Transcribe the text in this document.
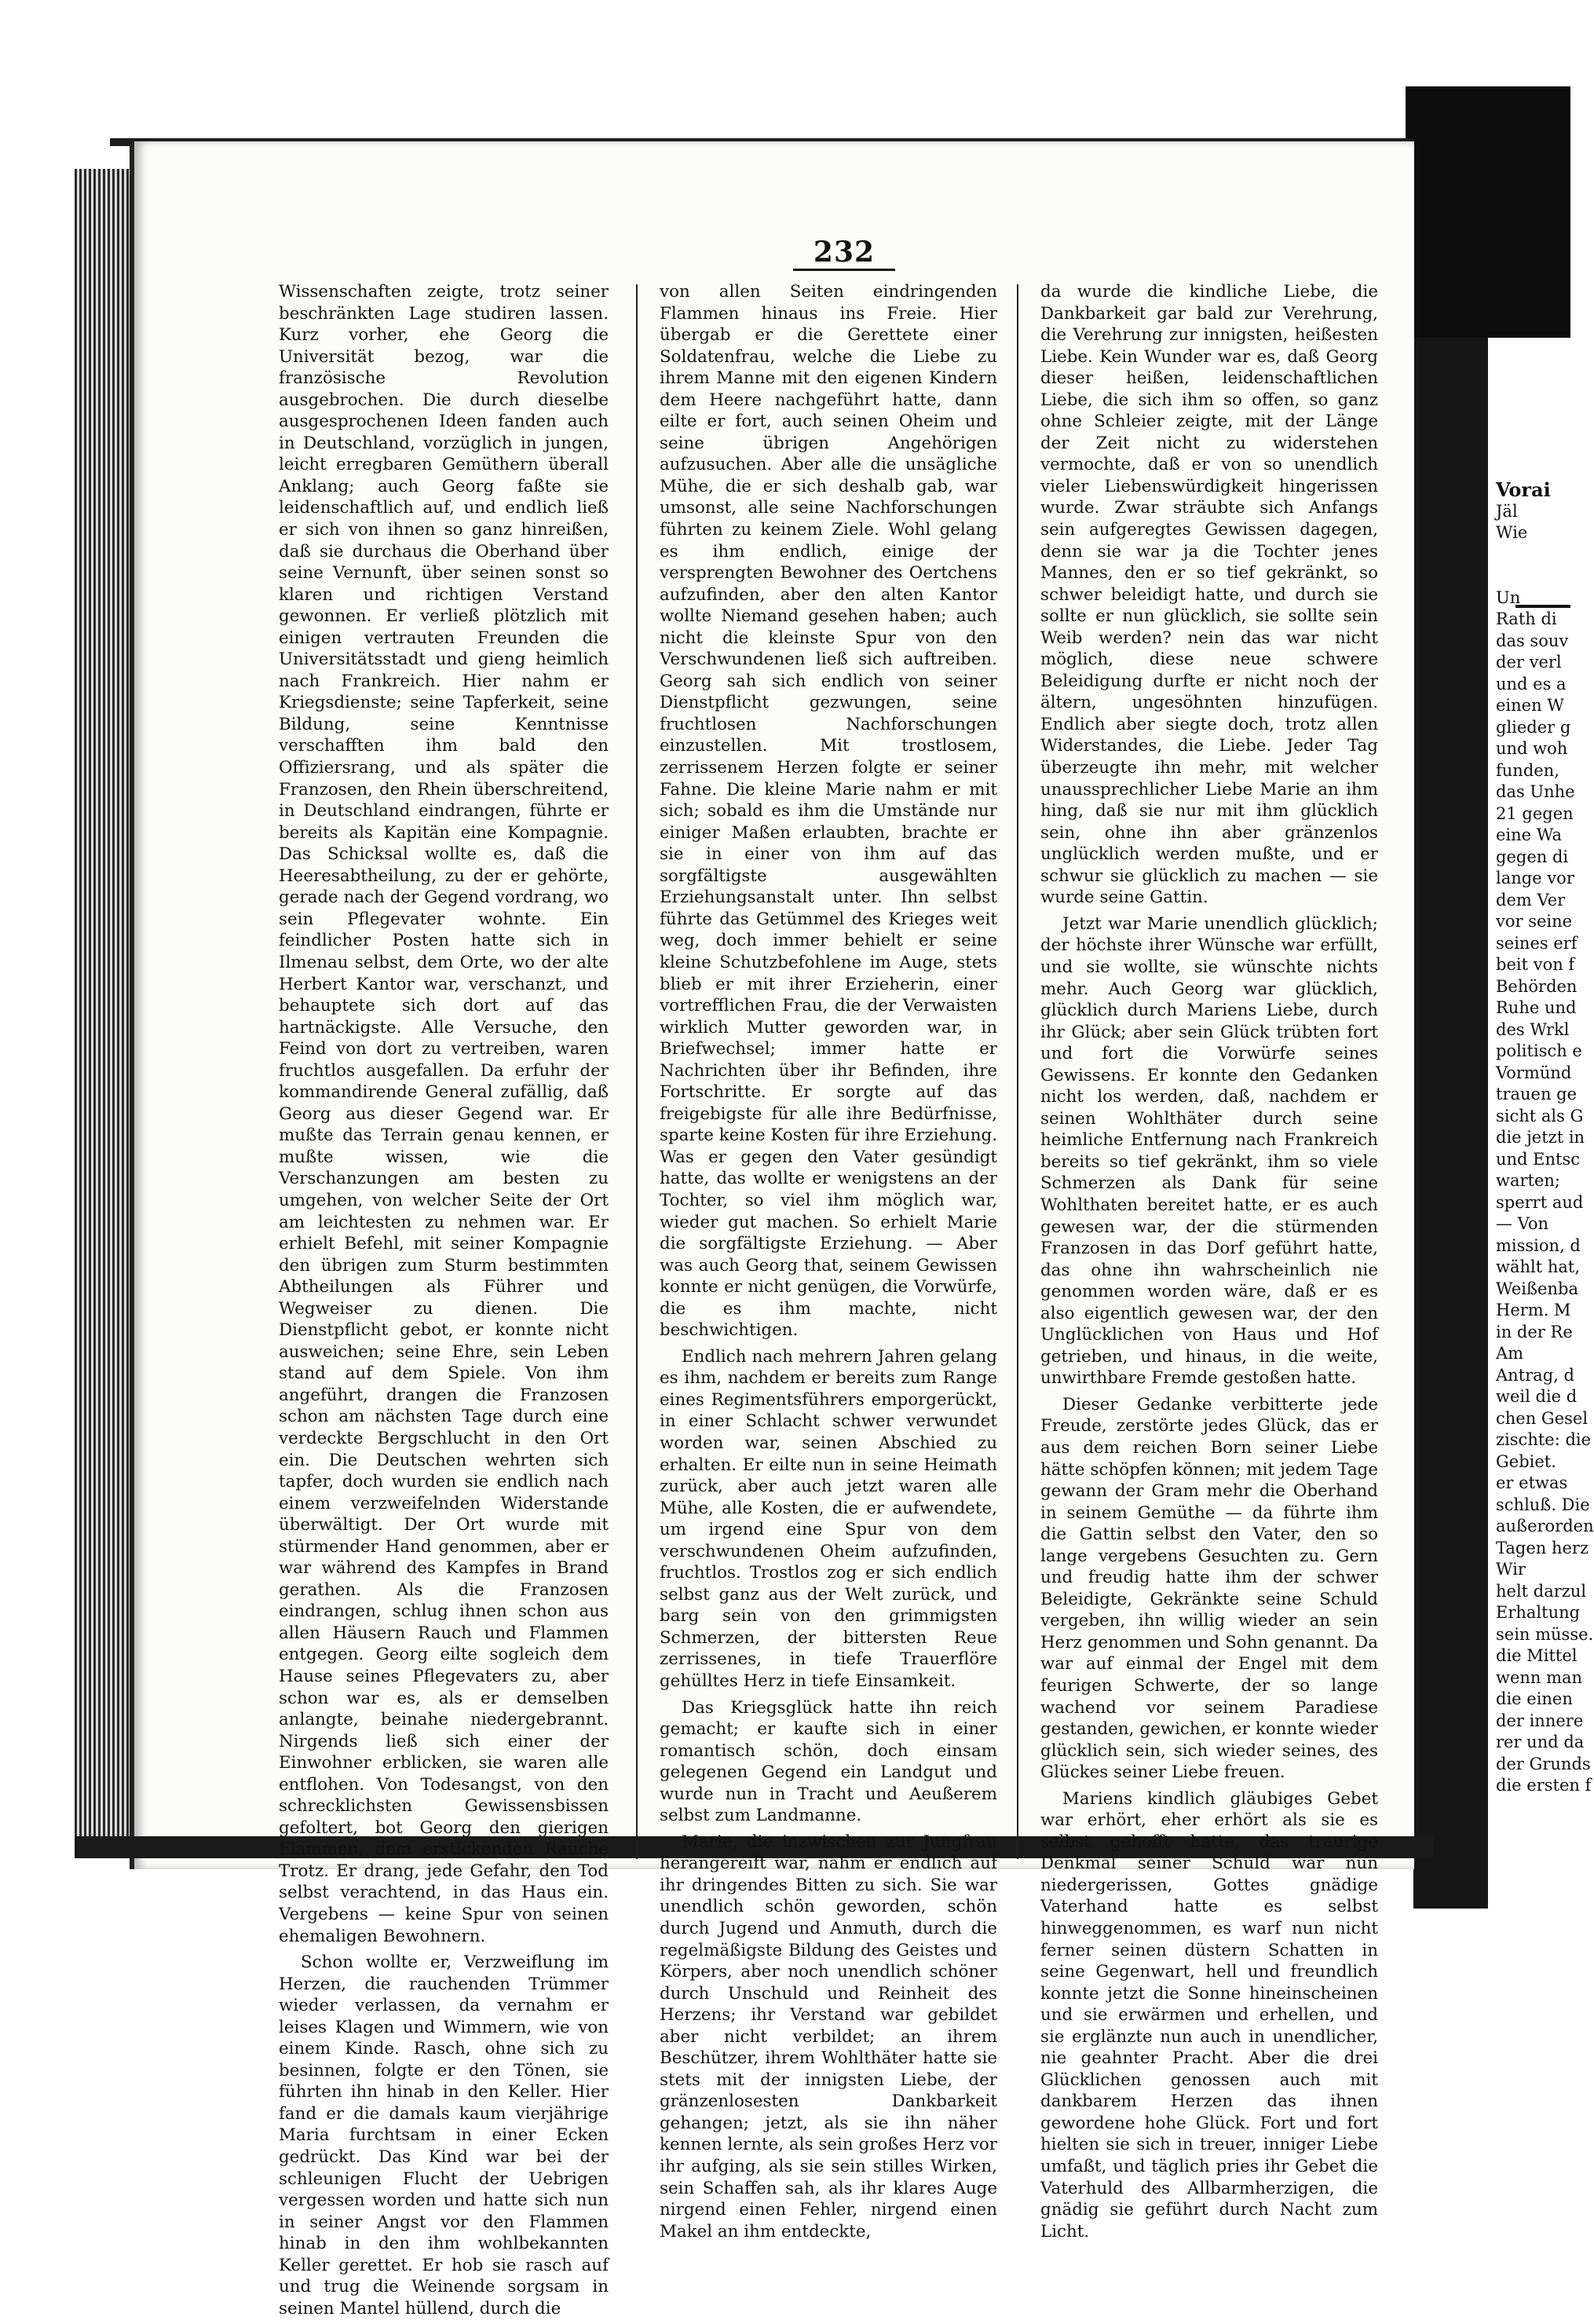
232

Wissenschaften zeigte, trotz seiner beschränkten Lage studiren lassen. Kurz vorher, ehe Georg die Universität bezog, war die französische Revolution ausgebrochen. Die durch dieselbe ausgesprochenen Ideen fanden auch in Deutschland, vorzüglich in jungen, leicht erregbaren Gemüthern überall Anklang; auch Georg faßte sie leidenschaftlich auf, und endlich ließ er sich von ihnen so ganz hinreißen, daß sie durchaus die Oberhand über seine Vernunft, über seinen sonst so klaren und richtigen Verstand gewonnen. Er verließ plötzlich mit einigen vertrauten Freunden die Universitätsstadt und gieng heimlich nach Frankreich. Hier nahm er Kriegsdienste; seine Tapferkeit, seine Bildung, seine Kenntnisse verschafften ihm bald den Offiziersrang, und als später die Franzosen, den Rhein überschreitend, in Deutschland eindrangen, führte er bereits als Kapitän eine Kompagnie. Das Schicksal wollte es, daß die Heeresabtheilung, zu der er gehörte, gerade nach der Gegend vordrang, wo sein Pflegevater wohnte. Ein feindlicher Posten hatte sich in Ilmenau selbst, dem Orte, wo der alte Herbert Kantor war, verschanzt, und behauptete sich dort auf das hartnäckigste. Alle Versuche, den Feind von dort zu vertreiben, waren fruchtlos ausgefallen. Da erfuhr der kommandirende General zufällig, daß Georg aus dieser Gegend war. Er mußte das Terrain genau kennen, er mußte wissen, wie die Verschanzungen am besten zu umgehen, von welcher Seite der Ort am leichtesten zu nehmen war. Er erhielt Befehl, mit seiner Kompagnie den übrigen zum Sturm bestimmten Abtheilungen als Führer und Wegweiser zu dienen. Die Dienstpflicht gebot, er konnte nicht ausweichen; seine Ehre, sein Leben stand auf dem Spiele. Von ihm angeführt, drangen die Franzosen schon am nächsten Tage durch eine verdeckte Bergschlucht in den Ort ein. Die Deutschen wehrten sich tapfer, doch wurden sie endlich nach einem verzweifelnden Widerstande überwältigt. Der Ort wurde mit stürmender Hand genommen, aber er war während des Kampfes in Brand gerathen. Als die Franzosen eindrangen, schlug ihnen schon aus allen Häusern Rauch und Flammen entgegen. Georg eilte sogleich dem Hause seines Pflegevaters zu, aber schon war es, als er demselben anlangte, beinahe niedergebrannt. Nirgends ließ sich einer der Einwohner erblicken, sie waren alle entflohen. Von Todesangst, von den schrecklichsten Gewissensbissen gefoltert, bot Georg den gierigen Flammen, dem erstickenden Rauche Trotz. Er drang, jede Gefahr, den Tod selbst verachtend, in das Haus ein. Vergebens — keine Spur von seinen ehemaligen Bewohnern.

Schon wollte er, Verzweiflung im Herzen, die rauchenden Trümmer wieder verlassen, da vernahm er leises Klagen und Wimmern, wie von einem Kinde. Rasch, ohne sich zu besinnen, folgte er den Tönen, sie führten ihn hinab in den Keller. Hier fand er die damals kaum vierjährige Maria furchtsam in einer Ecken gedrückt. Das Kind war bei der schleunigen Flucht der Uebrigen vergessen worden und hatte sich nun in seiner Angst vor den Flammen hinab in den ihm wohlbekannten Keller gerettet. Er hob sie rasch auf und trug die Weinende sorgsam in seinen Mantel hüllend, durch die

von allen Seiten eindringenden Flammen hinaus ins Freie. Hier übergab er die Gerettete einer Soldatenfrau, welche die Liebe zu ihrem Manne mit den eigenen Kindern dem Heere nachgeführt hatte, dann eilte er fort, auch seinen Oheim und seine übrigen Angehörigen aufzusuchen. Aber alle die unsägliche Mühe, die er sich deshalb gab, war umsonst, alle seine Nachforschungen führten zu keinem Ziele. Wohl gelang es ihm endlich, einige der versprengten Bewohner des Oertchens aufzufinden, aber den alten Kantor wollte Niemand gesehen haben; auch nicht die kleinste Spur von den Verschwundenen ließ sich auftreiben. Georg sah sich endlich von seiner Dienstpflicht gezwungen, seine fruchtlosen Nachforschungen einzustellen. Mit trostlosem, zerrissenem Herzen folgte er seiner Fahne. Die kleine Marie nahm er mit sich; sobald es ihm die Umstände nur einiger Maßen erlaubten, brachte er sie in einer von ihm auf das sorgfältigste ausgewählten Erziehungsanstalt unter. Ihn selbst führte das Getümmel des Krieges weit weg, doch immer behielt er seine kleine Schutzbefohlene im Auge, stets blieb er mit ihrer Erzieherin, einer vortrefflichen Frau, die der Verwaisten wirklich Mutter geworden war, in Briefwechsel; immer hatte er Nachrichten über ihr Befinden, ihre Fortschritte. Er sorgte auf das freigebigste für alle ihre Bedürfnisse, sparte keine Kosten für ihre Erziehung. Was er gegen den Vater gesündigt hatte, das wollte er wenigstens an der Tochter, so viel ihm möglich war, wieder gut machen. So erhielt Marie die sorgfältigste Erziehung. — Aber was auch Georg that, seinem Gewissen konnte er nicht genügen, die Vorwürfe, die es ihm machte, nicht beschwichtigen.

Endlich nach mehrern Jahren gelang es ihm, nachdem er bereits zum Range eines Regimentsführers emporgerückt, in einer Schlacht schwer verwundet worden war, seinen Abschied zu erhalten. Er eilte nun in seine Heimath zurück, aber auch jetzt waren alle Mühe, alle Kosten, die er aufwendete, um irgend eine Spur von dem verschwundenen Oheim aufzufinden, fruchtlos. Trostlos zog er sich endlich selbst ganz aus der Welt zurück, und barg sein von den grimmigsten Schmerzen, der bittersten Reue zerrissenes, in tiefe Trauerflöre gehülltes Herz in tiefe Einsamkeit.

Das Kriegsglück hatte ihn reich gemacht; er kaufte sich in einer romantisch schön, doch einsam gelegenen Gegend ein Landgut und wurde nun in Tracht und Aeußerem selbst zum Landmanne.

Marie, die inzwischen zur Jungfrau herangereift war, nahm er endlich auf ihr dringendes Bitten zu sich. Sie war unendlich schön geworden, schön durch Jugend und Anmuth, durch die regelmäßigste Bildung des Geistes und Körpers, aber noch unendlich schöner durch Unschuld und Reinheit des Herzens; ihr Verstand war gebildet aber nicht verbildet; an ihrem Beschützer, ihrem Wohlthäter hatte sie stets mit der innigsten Liebe, der gränzenlosesten Dankbarkeit gehangen; jetzt, als sie ihn näher kennen lernte, als sein großes Herz vor ihr aufging, als sie sein stilles Wirken, sein Schaffen sah, als ihr klares Auge nirgend einen Fehler, nirgend einen Makel an ihm entdeckte,

da wurde die kindliche Liebe, die Dankbarkeit gar bald zur Verehrung, die Verehrung zur innigsten, heißesten Liebe. Kein Wunder war es, daß Georg dieser heißen, leidenschaftlichen Liebe, die sich ihm so offen, so ganz ohne Schleier zeigte, mit der Länge der Zeit nicht zu widerstehen vermochte, daß er von so unendlich vieler Liebenswürdigkeit hingerissen wurde. Zwar sträubte sich Anfangs sein aufgeregtes Gewissen dagegen, denn sie war ja die Tochter jenes Mannes, den er so tief gekränkt, so schwer beleidigt hatte, und durch sie sollte er nun glücklich, sie sollte sein Weib werden? nein das war nicht möglich, diese neue schwere Beleidigung durfte er nicht noch der ältern, ungesöhnten hinzufügen. Endlich aber siegte doch, trotz allen Widerstandes, die Liebe. Jeder Tag überzeugte ihn mehr, mit welcher unaussprechlicher Liebe Marie an ihm hing, daß sie nur mit ihm glücklich sein, ohne ihn aber gränzenlos unglücklich werden mußte, und er schwur sie glücklich zu machen — sie wurde seine Gattin.

Jetzt war Marie unendlich glücklich; der höchste ihrer Wünsche war erfüllt, und sie wollte, sie wünschte nichts mehr. Auch Georg war glücklich, glücklich durch Mariens Liebe, durch ihr Glück; aber sein Glück trübten fort und fort die Vorwürfe seines Gewissens. Er konnte den Gedanken nicht los werden, daß, nachdem er seinen Wohlthäter durch seine heimliche Entfernung nach Frankreich bereits so tief gekränkt, ihm so viele Schmerzen als Dank für seine Wohlthaten bereitet hatte, er es auch gewesen war, der die stürmenden Franzosen in das Dorf geführt hatte, das ohne ihn wahrscheinlich nie genommen worden wäre, daß er es also eigentlich gewesen war, der den Unglücklichen von Haus und Hof getrieben, und hinaus, in die weite, unwirthbare Fremde gestoßen hatte.

Dieser Gedanke verbitterte jede Freude, zerstörte jedes Glück, das er aus dem reichen Born seiner Liebe hätte schöpfen können; mit jedem Tage gewann der Gram mehr die Oberhand in seinem Gemüthe — da führte ihm die Gattin selbst den Vater, den so lange vergebens Gesuchten zu. Gern und freudig hatte ihm der schwer Beleidigte, Gekränkte seine Schuld vergeben, ihn willig wieder an sein Herz genommen und Sohn genannt. Da war auf einmal der Engel mit dem feurigen Schwerte, der so lange wachend vor seinem Paradiese gestanden, gewichen, er konnte wieder glücklich sein, sich wieder seines, des Glückes seiner Liebe freuen.

Mariens kindlich gläubiges Gebet war erhört, eher erhört als sie es selbst gehofft hatte, das traurige Denkmal seiner Schuld war nun niedergerissen, Gottes gnädige Vaterhand hatte es selbst hinweggenommen, es warf nun nicht ferner seinen düstern Schatten in seine Gegenwart, hell und freundlich konnte jetzt die Sonne hineinscheinen und sie erwärmen und erhellen, und sie erglänzte nun auch in unendlicher, nie geahnter Pracht. Aber die drei Glücklichen genossen auch mit dankbarem Herzen das ihnen gewordene hohe Glück. Fort und fort hielten sie sich in treuer, inniger Liebe umfaßt, und täglich pries ihr Gebet die Vaterhuld des Allbarmherzigen, die gnädig sie geführt durch Nacht zum Licht.

Vorai
Jäl
Wie
Un
Rath di
das souv
der verl
und es a
einen W
glieder g
und woh
funden,
das Unhe
21 gegen
eine Wa
gegen di
lange vor
dem Ver
vor seine
seines erf
beit von f
Behörden
Ruhe und
des Wrkl
politisch e
Vormünd
trauen ge
sicht als G
die jetzt in
und Entsc
warten;
sperrt aud
— Von
mission, d
wählt hat,
Weißenba
Herm. M
in der Re
Am
Antrag, d
weil die d
chen Gesel
zischte: die
Gebiet.
er etwas
schluß. Die
außerorden
Tagen herz
Wir
helt darzul
Erhaltung
sein müsse.
die Mittel
wenn man
die einen
der innere
rer und da
der Grunds
die ersten f
